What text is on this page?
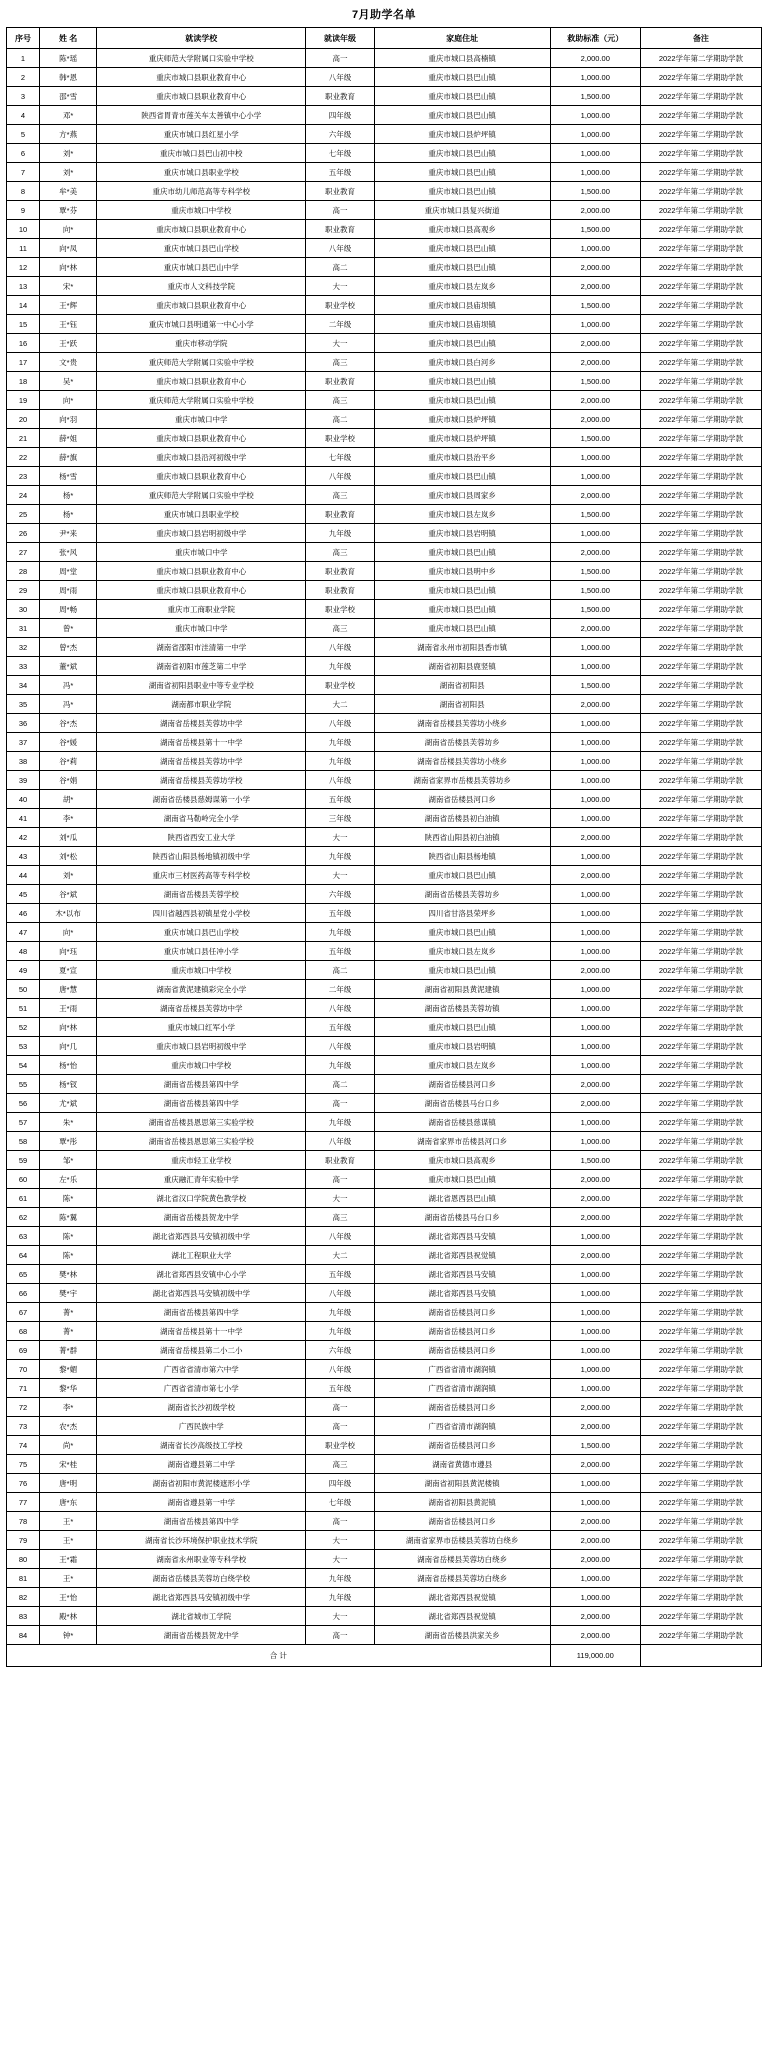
7月助学名单
序号	姓 名	就读学校	就读年级	家庭住址	救助标准（元）	备注
1	陈*瑶	重庆师范大学附属口实验中学校	高一	重庆市城口县高楠镇	2,000.00	2022学年第二学期助学款
2	韩*恩	重庆市城口县职业教育中心	八年级	重庆市城口县巴山镇	1,000.00	2022学年第二学期助学款
3	邵*雪	重庆市城口县职业教育中心	职业教育	重庆市城口县巴山镇	1,500.00	2022学年第二学期助学款
4	邓*	陕西省胃青市莲关车太善镇中心小学	四年级	重庆市城口县巴山镇	1,000.00	2022学年第二学期助学款
5	方*燕	重庆市城口县红星小学	六年级	重庆市城口县炉坪镇	1,000.00	2022学年第二学期助学款
6	刘*	重庆市城口县巴山初中校	七年级	重庆市城口县巴山镇	1,000.00	2022学年第二学期助学款
7	刘*	重庆市城口县职业学校	五年级	重庆市城口县巴山镇	1,000.00	2022学年第二学期助学款
8	牟*美	重庆市幼儿师范高等专科学校	职业教育	重庆市城口县巴山镇	1,500.00	2022学年第二学期助学款
9	覃*芬	重庆市城口中学校	高一	重庆市城口县复兴街道	2,000.00	2022学年第二学期助学款
10	向*	重庆市城口县职业教育中心	职业教育	重庆市城口县高观乡	1,500.00	2022学年第二学期助学款
11	向*凤	重庆市城口县巴山学校	八年级	重庆市城口县巴山镇	1,000.00	2022学年第二学期助学款
12	向*林	重庆市城口县巴山中学	高二	重庆市城口县巴山镇	2,000.00	2022学年第二学期助学款
13	宋*	重庆市人文科技学院	大一	重庆市城口县左岚乡	2,000.00	2022学年第二学期助学款
14	王*辉	重庆市城口县职业教育中心	职业学校	重庆市城口县庙坝镇	1,500.00	2022学年第二学期助学款
15	王*钰	重庆市城口县明通第一中心小学	二年级	重庆市城口县庙坝镇	1,000.00	2022学年第二学期助学款
16	王*跃	重庆市移动学院	大一	重庆市城口县巴山镇	2,000.00	2022学年第二学期助学款
17	文*贵	重庆师范大学附属口实验中学校	高三	重庆市城口县白河乡	2,000.00	2022学年第二学期助学款
18	吴*	重庆市城口县职业教育中心	职业教育	重庆市城口县巴山镇	1,500.00	2022学年第二学期助学款
19	向*	重庆师范大学附属口实验中学校	高三	重庆市城口县巴山镇	2,000.00	2022学年第二学期助学款
20	向*羽	重庆市城口中学	高二	重庆市城口县炉坪镇	2,000.00	2022学年第二学期助学款
21	薛*姐	重庆市城口县职业教育中心	职业学校	重庆市城口县炉坪镇	1,500.00	2022学年第二学期助学款
22	薛*旗	重庆市城口县沿河初级中学	七年级	重庆市城口县治平乡	1,000.00	2022学年第二学期助学款
23	杨*雪	重庆市城口县职业教育中心	八年级	重庆市城口县巴山镇	1,000.00	2022学年第二学期助学款
24	杨*	重庆师范大学附属口实验中学校	高三	重庆市城口县周家乡	2,000.00	2022学年第二学期助学款
25	杨*	重庆市城口县职业学校	职业教育	重庆市城口县左岚乡	1,500.00	2022学年第二学期助学款
26	尹*来	重庆市城口县岩明初级中学	九年级	重庆市城口县岩明镇	1,000.00	2022学年第二学期助学款
27	张*风	重庆市城口中学	高三	重庆市城口县巴山镇	2,000.00	2022学年第二学期助学款
28	周*堂	重庆市城口县职业教育中心	职业教育	重庆市城口县明中乡	1,500.00	2022学年第二学期助学款
29	周*雨	重庆市城口县职业教育中心	职业教育	重庆市城口县巴山镇	1,500.00	2022学年第二学期助学款
30	周*畅	重庆市工商职业学院	职业学校	重庆市城口县巴山镇	1,500.00	2022学年第二学期助学款
31	曾*	重庆市城口中学	高三	重庆市城口县巴山镇	2,000.00	2022学年第二学期助学款
32	曾*杰	湖南省邵阳市洼清第一中学	八年级	湖南省永州市初阳县香市镇	1,000.00	2022学年第二学期助学款
33	董*斌	湖南省初阳市莲芝第二中学	九年级	湖南省初阳县鹿竖镇	1,000.00	2022学年第二学期助学款
34	冯*	湖南省初阳县职业中等专业学校	职业学校	湖南省初阳县	1,500.00	2022学年第二学期助学款
35	冯*	湖南都市职业学院	大二	湖南省初阳县	2,000.00	2022学年第二学期助学款
36	谷*杰	湖南省岳楼县芙蓉坊中学	八年级	湖南省岳楼县芙蓉坊小绕乡	1,000.00	2022学年第二学期助学款
37	谷*媛	湖南省岳楼县第十一中学	九年级	湖南省岳楼县芙蓉坊乡	1,000.00	2022学年第二学期助学款
38	谷*莉	湖南省岳楼县芙蓉坊中学	九年级	湖南省岳楼县芙蓉坊小绕乡	1,000.00	2022学年第二学期助学款
39	谷*娟	湖南省岳楼县芙蓉坊学校	八年级	湖南省家界市岳楼县芙蓉坊乡	1,000.00	2022学年第二学期助学款
40	胡*	湖南省岳楼县慈姆谋第一小学	五年级	湖南省岳楼县河口乡	1,000.00	2022学年第二学期助学款
41	李*	湖南省马勒岭完全小学	三年级	湖南省岳楼县初白油镇	1,000.00	2022学年第二学期助学款
42	刘*瓜	陕西省西安工业大学	大一	陕西省山阳县初白油镇	2,000.00	2022学年第二学期助学款
43	刘*松	陕西省山阳县杨地镇初级中学	九年级	陕西省山阳县杨地镇	1,000.00	2022学年第二学期助学款
44	刘*	重庆市三材医药高等专科学校	大一	重庆市城口县巴山镇	2,000.00	2022学年第二学期助学款
45	谷*斌	湖南省岳楼县芙蓉学校	六年级	湖南省岳楼县芙蓉坊乡	1,000.00	2022学年第二学期助学款
46	木*以布	四川省越西县初镇星党小学校	五年级	四川省甘洛县荣坪乡	1,000.00	2022学年第二学期助学款
47	向*	重庆市城口县巴山学校	九年级	重庆市城口县巴山镇	1,000.00	2022学年第二学期助学款
48	向*珏	重庆市城口县任冲小学	五年级	重庆市城口县左岚乡	1,000.00	2022学年第二学期助学款
49	夏*宣	重庆市城口中学校	高二	重庆市城口县巴山镇	2,000.00	2022学年第二学期助学款
50	唐*慧	湖南省黄泥建镇彩完全小学	二年级	湖南省初阳县黄泥建镇	1,000.00	2022学年第二学期助学款
51	王*雨	湖南省岳楼县芙蓉坊中学	八年级	湖南省岳楼县芙蓉坊镇	1,000.00	2022学年第二学期助学款
52	向*林	重庆市城口红军小学	五年级	重庆市城口县巴山镇	1,000.00	2022学年第二学期助学款
53	向*几	重庆市城口县岩明初级中学	八年级	重庆市城口县岩明镇	1,000.00	2022学年第二学期助学款
54	杨*怡	重庆市城口中学校	九年级	重庆市城口县左岚乡	1,000.00	2022学年第二学期助学款
55	杨*钗	湖南省岳楼县第四中学	高二	湖南省岳楼县河口乡	2,000.00	2022学年第二学期助学款
56	尤*斌	湖南省岳楼县第四中学	高一	湖南省岳楼县马台口乡	2,000.00	2022学年第二学期助学款
57	朱*	湖南省岳楼县恩思第三实验学校	九年级	湖南省岳楼县慈谋镇	1,000.00	2022学年第二学期助学款
58	覃*彤	湖南省岳楼县恩思第三实验学校	八年级	湖南省家界市岳楼县河口乡	1,000.00	2022学年第二学期助学款
59	邹*	重庆市轻工业学校	职业教育	重庆市城口县高观乡	1,500.00	2022学年第二学期助学款
60	左*乐	重庆融汇青年实验中学	高一	重庆市城口县巴山镇	2,000.00	2022学年第二学期助学款
61	陈*	湖北省汉口学院黄色教学校	大一	湖北省恩西县巴山镇	2,000.00	2022学年第二学期助学款
62	陈*翼	湖南省岳楼县贺龙中学	高三	湖南省岳楼县马台口乡	2,000.00	2022学年第二学期助学款
63	陈*	湖北省郑西县马安镇初级中学	八年级	湖北省郑西县马安镇	1,000.00	2022学年第二学期助学款
64	陈*	湖北工程职业大学	大二	湖北省郑西县祝觉镇	2,000.00	2022学年第二学期助学款
65	樊*林	湖北省郑西县安镇中心小学	五年级	湖北省郑西县马安镇	1,000.00	2022学年第二学期助学款
66	樊*宇	湖北省郑西县马安镇初级中学	八年级	湖北省郑西县马安镇	1,000.00	2022学年第二学期助学款
67	菁*	湖南省岳楼县第四中学	九年级	湖南省岳楼县河口乡	1,000.00	2022学年第二学期助学款
68	菁*	湖南省岳楼县第十一中学	九年级	湖南省岳楼县河口乡	1,000.00	2022学年第二学期助学款
69	菁*群	湖南省岳楼县第二小二小	六年级	湖南省岳楼县河口乡	1,000.00	2022学年第二学期助学款
70	黎*媚	广西省省清市第六中学	八年级	广西省省清市湖润镇	1,000.00	2022学年第二学期助学款
71	黎*华	广西省省清市第七小学	五年级	广西省省清市湖润镇	1,000.00	2022学年第二学期助学款
72	李*	湖南省长沙初级学校	高一	湖南省岳楼县河口乡	2,000.00	2022学年第二学期助学款
73	农*杰	广西民族中学	高一	广西省省清市湖润镇	2,000.00	2022学年第二学期助学款
74	尚*	湖南省长沙高级技工学校	职业学校	湖南省岳楼县河口乡	1,500.00	2022学年第二学期助学款
75	宋*桂	湖南省遵县第二中学	高三	湖南省黄德市遵县	2,000.00	2022学年第二学期助学款
76	唐*明	湖南省初阳市黄泥楼遮形小学	四年级	湖南省初阳县黄泥楼镇	1,000.00	2022学年第二学期助学款
77	唐*东	湖南省遵县第一中学	七年级	湖南省初阳县黄泥镇	1,000.00	2022学年第二学期助学款
78	王*	湖南省岳楼县第四中学	高一	湖南省岳楼县河口乡	2,000.00	2022学年第二学期助学款
79	王*	湖南省长沙环境保护职业技术学院	大一	湖南省家界市岳楼县芙蓉坊白绕乡	2,000.00	2022学年第二学期助学款
80	王*霜	湖南省永州职业等专科学校	大一	湖南省岳楼县芙蓉坊白绕乡	2,000.00	2022学年第二学期助学款
81	王*	湖南省岳楼县芙蓉坊白绕学校	九年级	湖南省岳楼县芙蓉坊白绕乡	1,000.00	2022学年第二学期助学款
82	王*怡	湖北省郑西县马安镇初级中学	九年级	湖北省郑西县祝觉镇	1,000.00	2022学年第二学期助学款
83	殿*林	湖北省城市工学院	大一	湖北省郑西县祝觉镇	2,000.00	2022学年第二学期助学款
84	钟*	湖南省岳楼县贺龙中学	高一	湖南省岳楼县洪家关乡	2,000.00	2022学年第二学期助学款
合 计					119,000.00	
